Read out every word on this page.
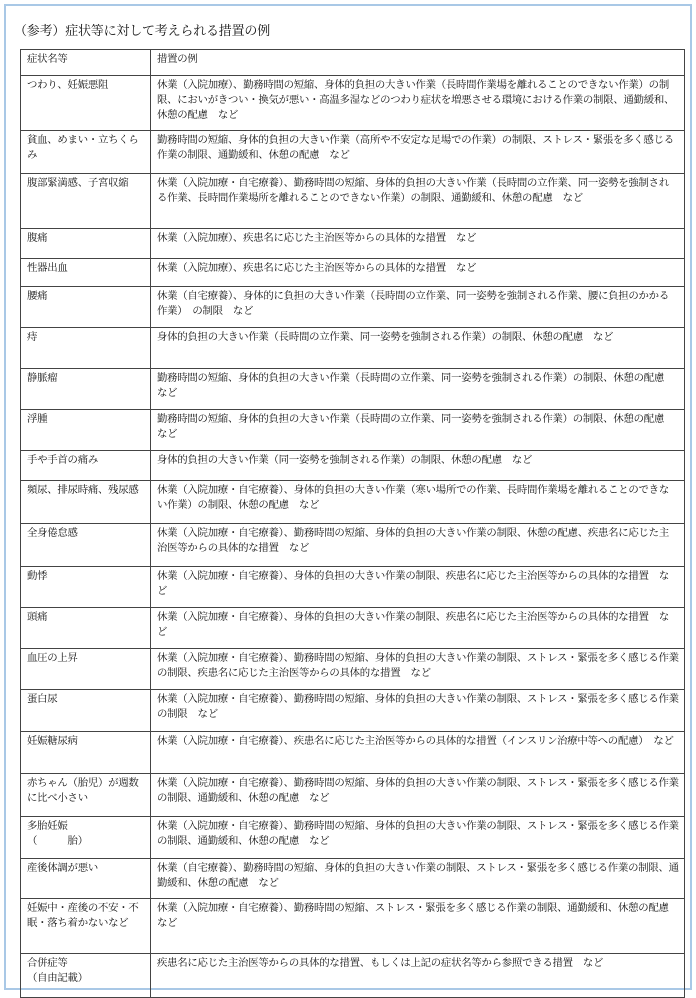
（参考）症状等に対して考えられる措置の例
症状名等	措置の例
つわり、妊娠悪阻	休業（入院加療）、勤務時間の短縮、身体的負担の大きい作業（長時間作業場を離れることのできない作業）の制限、においがきつい・換気が悪い・高温多湿などのつわり症状を増悪させる環境における作業の制限、通勤緩和、休憩の配慮　など
貧血、めまい・立ちくらみ	勤務時間の短縮、身体的負担の大きい作業（高所や不安定な足場での作業）の制限、ストレス・緊張を多く感じる作業の制限、通勤緩和、休憩の配慮　など
腹部緊満感、子宮収縮	休業（入院加療・自宅療養）、勤務時間の短縮、身体的負担の大きい作業（長時間の立作業、同一姿勢を強制される作業、長時間作業場所を離れることのできない作業）の制限、通勤緩和、休憩の配慮　など
腹痛	休業（入院加療）、疾患名に応じた主治医等からの具体的な措置　など
性器出血	休業（入院加療）、疾患名に応じた主治医等からの具体的な措置　など
腰痛	休業（自宅療養）、身体的に負担の大きい作業（長時間の立作業、同一姿勢を強制される作業、腰に負担のかかる作業）　の制限　など
痔	身体的負担の大きい作業（長時間の立作業、同一姿勢を強制される作業）の制限、休憩の配慮　など
静脈瘤	勤務時間の短縮、身体的負担の大きい作業（長時間の立作業、同一姿勢を強制される作業）の制限、休憩の配慮　など
浮腫	勤務時間の短縮、身体的負担の大きい作業（長時間の立作業、同一姿勢を強制される作業）の制限、休憩の配慮　など
手や手首の痛み	身体的負担の大きい作業（同一姿勢を強制される作業）の制限、休憩の配慮　など
頻尿、排尿時痛、残尿感	休業（入院加療・自宅療養）、身体的負担の大きい作業（寒い場所での作業、長時間作業場を離れることのできない作業）の制限、休憩の配慮　など
全身倦怠感	休業（入院加療・自宅療養）、勤務時間の短縮、身体的負担の大きい作業の制限、休憩の配慮、疾患名に応じた主治医等からの具体的な措置　など
動悸	休業（入院加療・自宅療養）、身体的負担の大きい作業の制限、疾患名に応じた主治医等からの具体的な措置　など
頭痛	休業（入院加療・自宅療養）、身体的負担の大きい作業の制限、疾患名に応じた主治医等からの具体的な措置　など
血圧の上昇	休業（入院加療・自宅療養）、勤務時間の短縮、身体的負担の大きい作業の制限、ストレス・緊張を多く感じる作業の制限、疾患名に応じた主治医等からの具体的な措置　など
蛋白尿	休業（入院加療・自宅療養）、勤務時間の短縮、身体的負担の大きい作業の制限、ストレス・緊張を多く感じる作業の制限　など
妊娠糖尿病	休業（入院加療・自宅療養）、疾患名に応じた主治医等からの具体的な措置（インスリン治療中等への配慮）　など
赤ちゃん（胎児）が週数に比べ小さい	休業（入院加療・自宅療養）、勤務時間の短縮、身体的負担の大きい作業の制限、ストレス・緊張を多く感じる作業の制限、通勤緩和、休憩の配慮　など
多胎妊娠
（　　　胎）	休業（入院加療・自宅療養）、勤務時間の短縮、身体的負担の大きい作業の制限、ストレス・緊張を多く感じる作業の制限、通勤緩和、休憩の配慮　など
産後体調が悪い	休業（自宅療養）、勤務時間の短縮、身体的負担の大きい作業の制限、ストレス・緊張を多く感じる作業の制限、通勤緩和、休憩の配慮　など
妊娠中・産後の不安・不眠・落ち着かないなど	休業（入院加療・自宅療養）、勤務時間の短縮、ストレス・緊張を多く感じる作業の制限、通勤緩和、休憩の配慮　など
合併症等
（自由記載）	疾患名に応じた主治医等からの具体的な措置、もしくは上記の症状名等から参照できる措置　など
